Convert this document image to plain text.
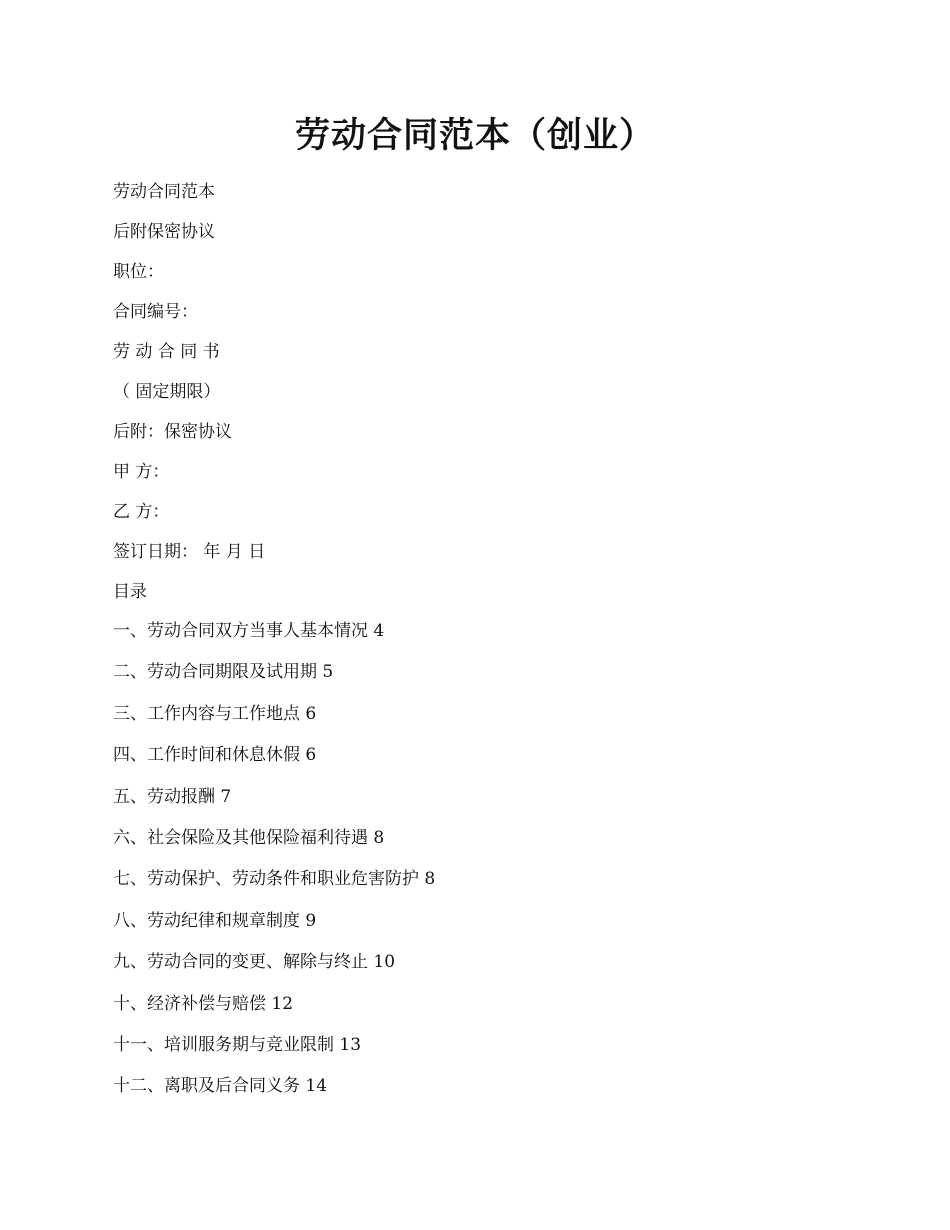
劳动合同范本（创业）
劳动合同范本
后附保密协议
职位：
合同编号：
劳 动 合 同 书
（ 固定期限）
后附：保密协议
甲 方：
乙 方：
签订日期： 年 月 日
目录
一、劳动合同双方当事人基本情况 4
二、劳动合同期限及试用期 5
三、工作内容与工作地点 6
四、工作时间和休息休假 6
五、劳动报酬 7
六、社会保险及其他保险福利待遇 8
七、劳动保护、劳动条件和职业危害防护 8
八、劳动纪律和规章制度 9
九、劳动合同的变更、解除与终止 10
十、经济补偿与赔偿 12
十一、培训服务期与竞业限制 13
十二、离职及后合同义务 14
